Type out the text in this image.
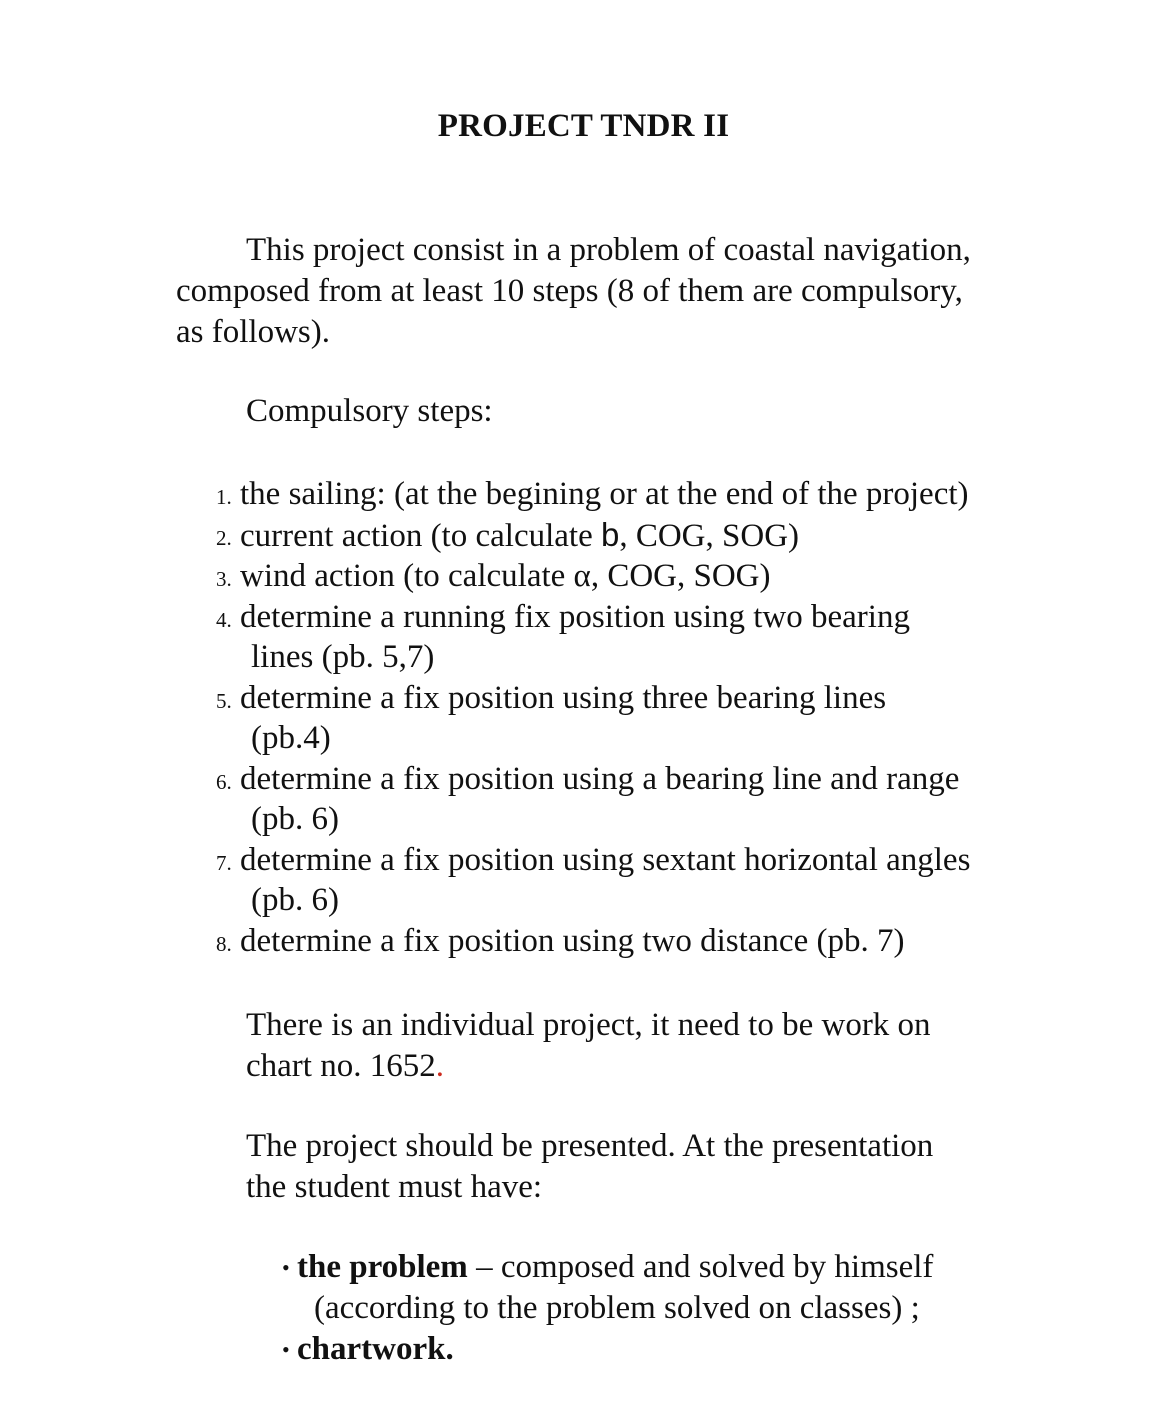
PROJECT TNDR II

This project consist in a problem of coastal navigation,
composed from at least 10 steps (8 of them are compulsory,
as follows).

Compulsory steps:

1. the sailing: (at the begining or at the end of the project)
2. current action (to calculate b, COG, SOG)
3. wind action (to calculate α, COG, SOG)
4. determine a running fix position using two bearing
lines (pb. 5,7)
5. determine a fix position using three bearing lines
(pb.4)
6. determine a fix position using a bearing line and range
(pb. 6)
7. determine a fix position using sextant horizontal angles
(pb. 6)
8. determine a fix position using two distance (pb. 7)

There is an individual project, it need to be work on
chart no. 1652.

The project should be presented. At the presentation
the student must have:

• the problem – composed and solved by himself
(according to the problem solved on classes) ;
• chartwork.
